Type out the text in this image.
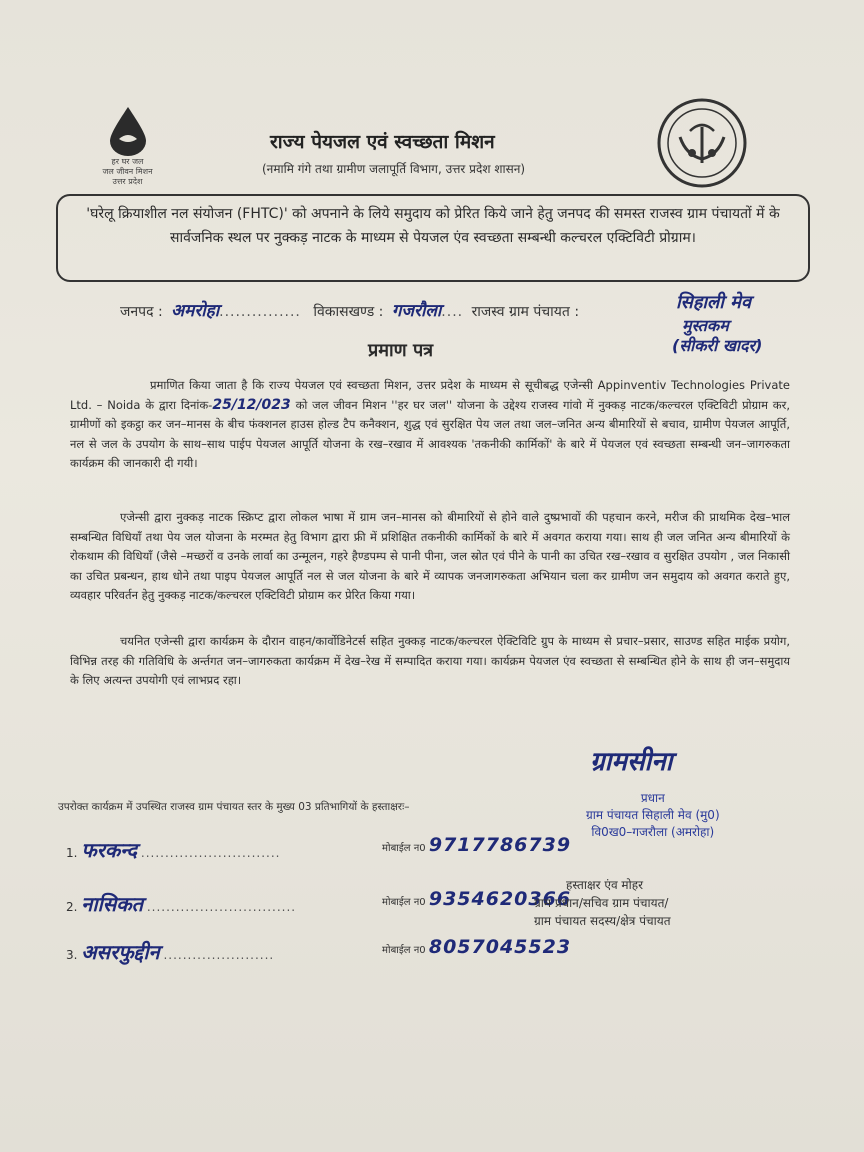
हर घर जल
जल जीवन मिशन
उत्तर प्रदेश
राज्य पेयजल एवं स्वच्छता मिशन
(नमामि गंगे तथा ग्रामीण जलापूर्ति विभाग, उत्तर प्रदेश शासन)
'घरेलू क्रियाशील नल संयोजन (FHTC)' को अपनाने के लिये समुदाय को प्रेरित किये जाने हेतु जनपद की समस्त राजस्व ग्राम पंचायतों में के सार्वजनिक स्थल पर नुक्कड़ नाटक के माध्यम से पेयजल एंव स्वच्छता सम्बन्धी कल्चरल एक्टिविटी प्रोग्राम।
जनपद : अमरोहा............... विकासखण्ड : गजरौला.... राजस्व ग्राम पंचायत :	सिहाली मेव
मुस्तकम
(सीकरी खादर)
प्रमाण पत्र
प्रमाणित किया जाता है कि राज्य पेयजल एवं स्वच्छता मिशन, उत्तर प्रदेश के माध्यम से सूचीबद्ध एजेन्सी Appinventiv Technologies Private Ltd. – Noida के द्वारा दिनांक-25/12/023 को जल जीवन मिशन ''हर घर जल'' योजना के उद्देश्य राजस्व गांवो में नुक्कड़ नाटक/कल्चरल एक्टिविटी प्रोग्राम कर, ग्रामीणों को इकट्ठा कर जन–मानस के बीच फंक्शनल हाउस होल्ड टैप कनैक्शन, शुद्ध एवं सुरक्षित पेय जल तथा जल–जनित अन्य बीमारियों से बचाव, ग्रामीण पेयजल आपूर्ति, नल से जल के उपयोग के साथ–साथ पाईप पेयजल आपूर्ति योजना के रख–रखाव में आवश्यक 'तकनीकी कार्मिकों' के बारे में पेयजल एवं स्वच्छता सम्बन्धी जन–जागरुकता कार्यक्रम की जानकारी दी गयी।
एजेन्सी द्वारा नुक्कड़ नाटक स्क्रिप्ट द्वारा लोकल भाषा में ग्राम जन–मानस को बीमारियों से होने वाले दुष्प्रभावों की पहचान करने, मरीज की प्राथमिक देख–भाल सम्बन्धित विधियाँ तथा पेय जल योजना के मरम्मत हेतु विभाग द्वारा फ्री में प्रशिक्षित तकनीकी कार्मिकों के बारे में अवगत कराया गया। साथ ही जल जनित अन्य बीमारियों के रोकथाम की विधियाँ (जैसे –मच्छरों व उनके लार्वा का उन्मूलन, गहरे हैण्डपम्प से पानी पीना, जल स्रोत एवं पीने के पानी का उचित रख–रखाव व सुरक्षित उपयोग , जल निकासी का उचित प्रबन्धन, हाथ धोने तथा पाइप पेयजल आपूर्ति नल से जल योजना के बारे में व्यापक जनजागरुकता अभियान चला कर ग्रामीण जन समुदाय को अवगत कराते हुए, व्यवहार परिवर्तन हेतु नुक्कड़ नाटक/कल्चरल एक्टिविटी प्रोग्राम कर प्रेरित किया गया।
चयनित एजेन्सी द्वारा कार्यक्रम के दौरान वाहन/कार्वोडिनेटर्स सहित नुक्कड़ नाटक/कल्चरल ऐक्टिविटि ग्रुप के माध्यम से प्रचार–प्रसार, साउण्ड सहित माईक प्रयोग, विभिन्न तरह की गतिविधि के अर्न्तगत जन–जागरुकता कार्यक्रम में देख–रेख में सम्पादित कराया गया। कार्यक्रम पेयजल एंव स्वच्छता से सम्बन्धित होने के साथ ही जन–समुदाय के लिए अत्यन्त उपयोगी एवं लाभप्रद रहा।
ग्रामसीना
प्रधान
ग्राम पंचायत सिहाली मेव (मु0)
वि0ख0–गजरौला (अमरोहा)
उपरोक्त कार्यक्रम में उपस्थित राजस्व ग्राम पंचायत स्तर के मुख्य 03 प्रतिभागियों के हस्ताक्षरः–
1. फरकन्द .............................	मोबाईल न0 9717786739
2. नासिकत ...............................	मोबाईल न0 9354620366
3. असरफुद्दीन .......................	मोबाईल न0 8057045523
हस्ताक्षर एंव मोहर
ग्राम प्रधान/सचिव ग्राम पंचायत/
ग्राम पंचायत सदस्य/क्षेत्र पंचायत
